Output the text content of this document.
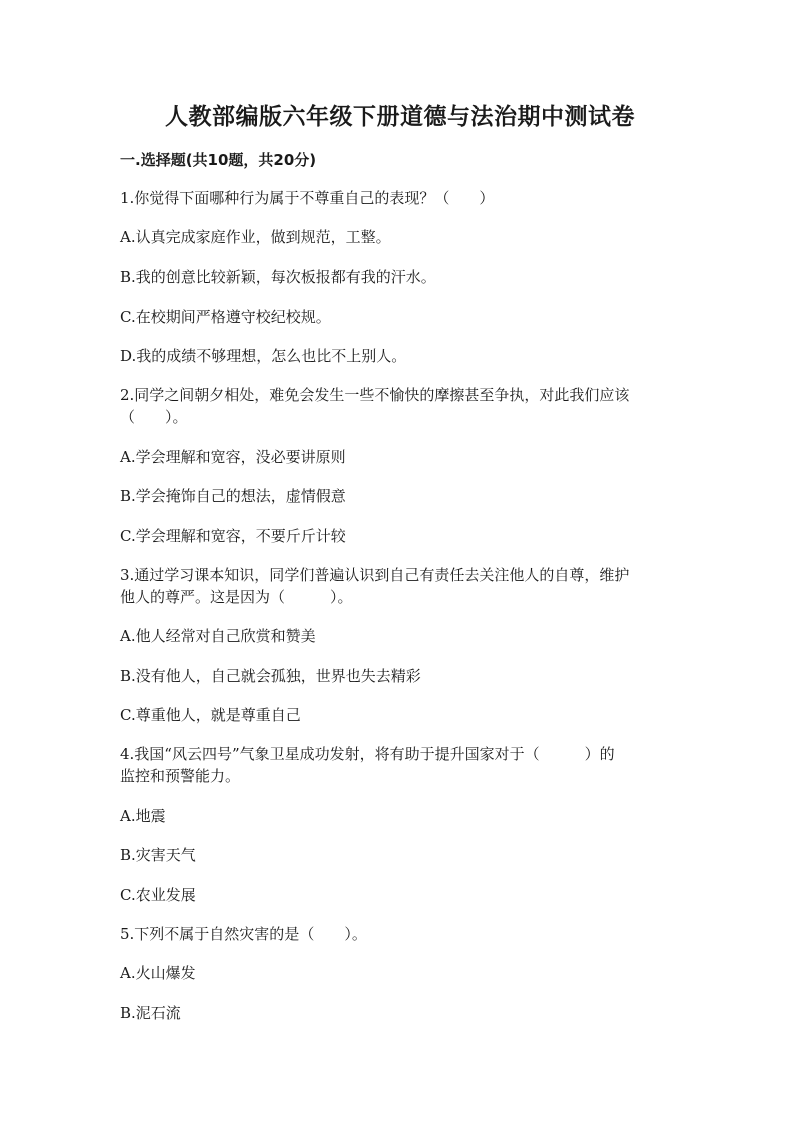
人教部编版六年级下册道德与法治期中测试卷
一.选择题(共10题，共20分)
1.你觉得下面哪种行为属于不尊重自己的表现？（　　）
A.认真完成家庭作业，做到规范，工整。
B.我的创意比较新颖，每次板报都有我的汗水。
C.在校期间严格遵守校纪校规。
D.我的成绩不够理想，怎么也比不上别人。
2.同学之间朝夕相处，难免会发生一些不愉快的摩擦甚至争执，对此我们应该
（　　）。
A.学会理解和宽容，没必要讲原则
B.学会掩饰自己的想法，虚情假意
C.学会理解和宽容，不要斤斤计较
3.通过学习课本知识，同学们普遍认识到自己有责任去关注他人的自尊，维护
他人的尊严。这是因为（　　　）。
A.他人经常对自己欣赏和赞美
B.没有他人，自己就会孤独，世界也失去精彩
C.尊重他人，就是尊重自己
4.我国“风云四号”气象卫星成功发射，将有助于提升国家对于（　　　）的
监控和预警能力。
A.地震
B.灾害天气
C.农业发展
5.下列不属于自然灾害的是（　　）。
A.火山爆发
B.泥石流
